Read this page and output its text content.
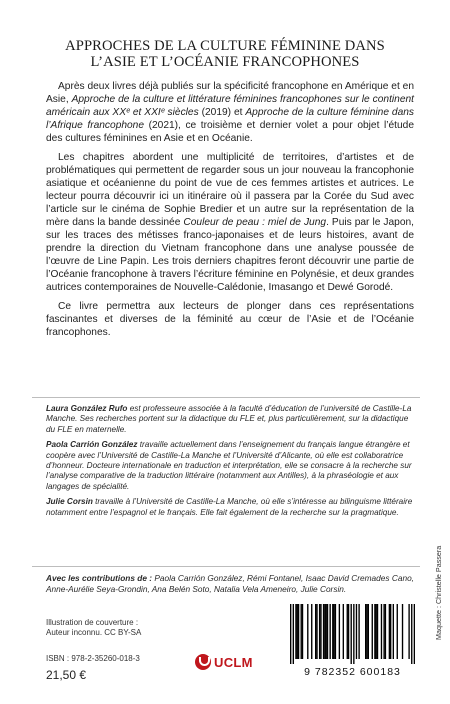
APPROCHES DE LA CULTURE FÉMININE DANS
L’ASIE ET L’OCÉANIE FRANCOPHONES

Après deux livres déjà publiés sur la spécificité francophone en Amérique et en Asie, Approche de la culture et littérature féminines francophones sur le continent américain aux XXᵉ et XXIᵉ siècles (2019) et Approche de la culture féminine dans l’Afrique francophone (2021), ce troisième et dernier volet a pour objet l’étude des cultures féminines en Asie et en Océanie.

Les chapitres abordent une multiplicité de territoires, d’artistes et de problématiques qui permettent de regarder sous un jour nouveau la francophonie asiatique et océanienne du point de vue de ces femmes artistes et autrices. Le lecteur pourra découvrir ici un itinéraire où il passera par la Corée du Sud avec l’article sur le cinéma de Sophie Bredier et un autre sur la représentation de la mère dans la bande dessinée Couleur de peau : miel de Jung. Puis par le Japon, sur les traces des métisses franco-japonaises et de leurs histoires, avant de prendre la direction du Vietnam francophone dans une analyse poussée de l’œuvre de Line Papin. Les trois derniers chapitres feront découvrir une partie de l’Océanie francophone à travers l’écriture féminine en Polynésie, et deux grandes autrices contemporaines de Nouvelle-Calédonie, Imasango et Dewé Gorodé.

Ce livre permettra aux lecteurs de plonger dans ces représentations fascinantes et diverses de la féminité au cœur de l’Asie et de l’Océanie francophones.

Laura González Rufo est professeure associée à la faculté d’éducation de l’université de Castille-La Manche. Ses recherches portent sur la didactique du FLE et, plus particulièrement, sur la didactique du FLE en maternelle.

Paola Carrión González travaille actuellement dans l’enseignement du français langue étrangère et coopère avec l’Université de Castille-La Manche et l’Université d’Alicante, où elle est collaboratrice d’honneur. Docteure internationale en traduction et interprétation, elle se consacre à la recherche sur l’analyse comparative de la traduction littéraire (notamment aux Antilles), à la phraséologie et aux langages de spécialité.

Julie Corsin travaille à l’Université de Castille-La Manche, où elle s’intéresse au bilinguisme littéraire notamment entre l’espagnol et le français. Elle fait également de la recherche sur la pragmatique.

Avec les contributions de : Paola Carrión González, Rémi Fontanel, Isaac David Cremades Cano, Anne-Aurélie Seya-Grondin, Ana Belén Soto, Natalia Vela Ameneiro, Julie Corsin.
Illustration de couverture :
Auteur inconnu. CC BY-SA
ISBN : 978-2-35260-018-3
21,50 €
UCLM
9 782352 600183
Maquette : Christelle Passera
